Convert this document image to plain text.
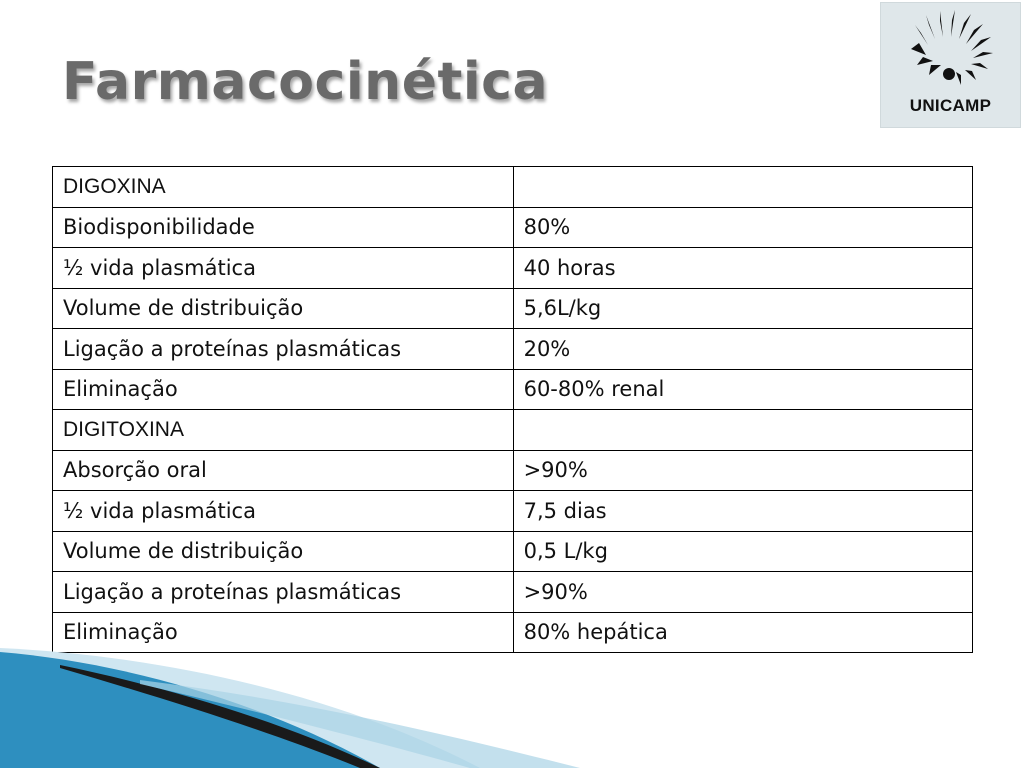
Farmacocinética	UNICAMP
DIGOXINA	
Biodisponibilidade	80%
½ vida plasmática	40 horas
Volume de distribuição	5,6L/kg
Ligação a proteínas plasmáticas	20%
Eliminação	60-80% renal
DIGITOXINA	
Absorção oral	>90%
½ vida plasmática	7,5 dias
Volume de distribuição	0,5 L/kg
Ligação a proteínas plasmáticas	>90%
Eliminação	80% hepática
